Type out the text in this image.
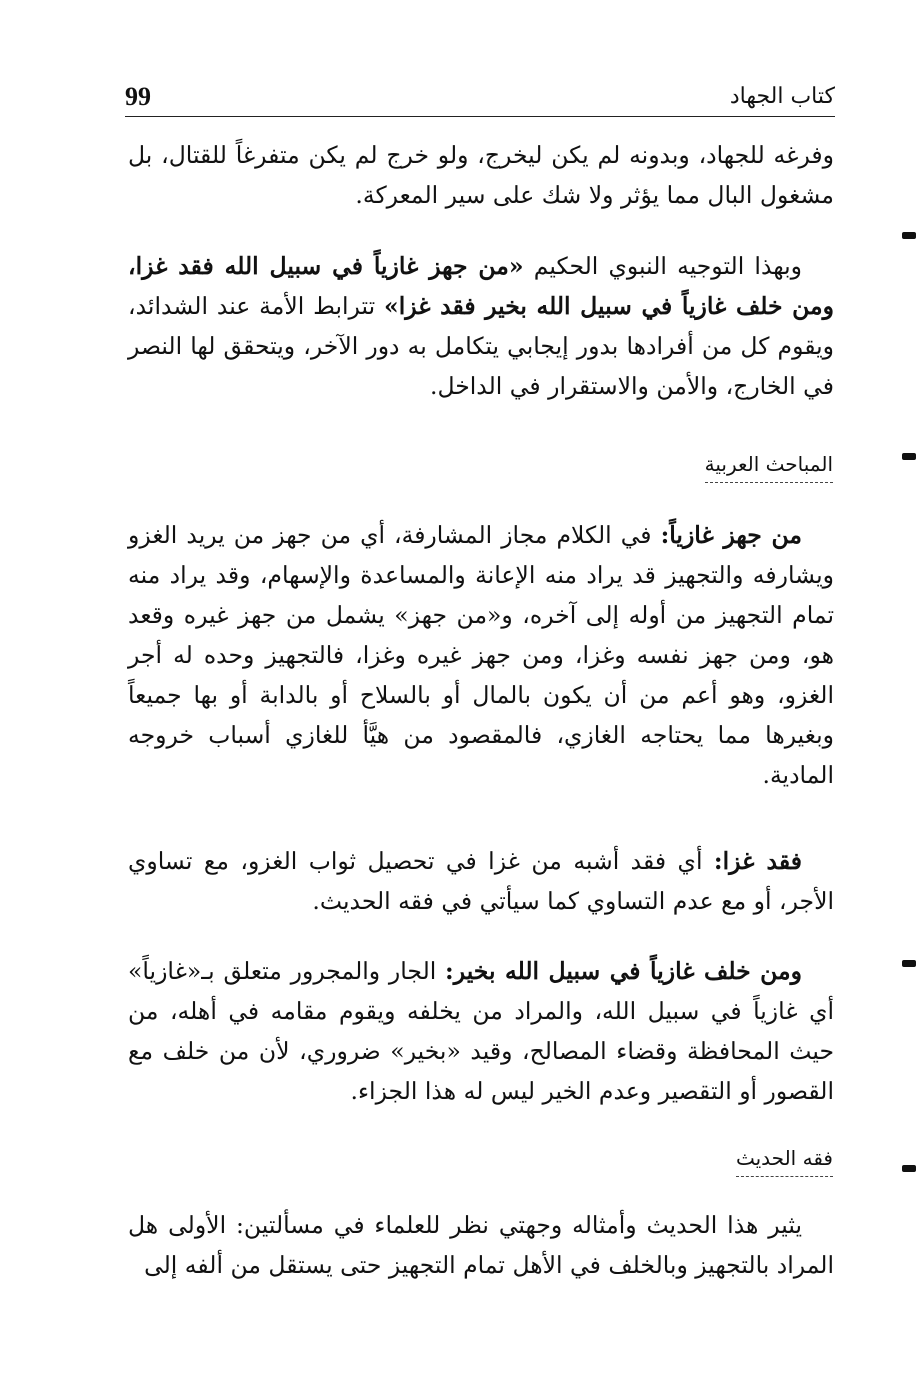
كتاب الجهاد
99

وفرغه للجهاد، وبدونه لم يكن ليخرج، ولو خرج لم يكن متفرغاً للقتال، بل مشغول البال مما يؤثر ولا شك على سير المعركة.

وبهذا التوجيه النبوي الحكيم «من جهز غازياً في سبيل الله فقد غزا، ومن خلف غازياً في سبيل الله بخير فقد غزا» تترابط الأمة عند الشدائد، ويقوم كل من أفرادها بدور إيجابي يتكامل به دور الآخر، ويتحقق لها النصر في الخارج، والأمن والاستقرار في الداخل.

المباحث العربية

من جهز غازياً: في الكلام مجاز المشارفة، أي من جهز من يريد الغزو ويشارفه والتجهيز قد يراد منه الإعانة والمساعدة والإسهام، وقد يراد منه تمام التجهيز من أوله إلى آخره، و«من جهز» يشمل من جهز غيره وقعد هو، ومن جهز نفسه وغزا، ومن جهز غيره وغزا، فالتجهيز وحده له أجر الغزو، وهو أعم من أن يكون بالمال أو بالسلاح أو بالدابة أو بها جميعاً وبغيرها مما يحتاجه الغازي، فالمقصود من هيَّأ للغازي أسباب خروجه المادية.

فقد غزا: أي فقد أشبه من غزا في تحصيل ثواب الغزو، مع تساوي الأجر، أو مع عدم التساوي كما سيأتي في فقه الحديث.

ومن خلف غازياً في سبيل الله بخير: الجار والمجرور متعلق بـ«غازياً» أي غازياً في سبيل الله، والمراد من يخلفه ويقوم مقامه في أهله، من حيث المحافظة وقضاء المصالح، وقيد «بخير» ضروري، لأن من خلف مع القصور أو التقصير وعدم الخير ليس له هذا الجزاء.

فقه الحديث

يثير هذا الحديث وأمثاله وجهتي نظر للعلماء في مسألتين: الأولى هل المراد بالتجهيز وبالخلف في الأهل تمام التجهيز حتى يستقل من ألفه إلى
